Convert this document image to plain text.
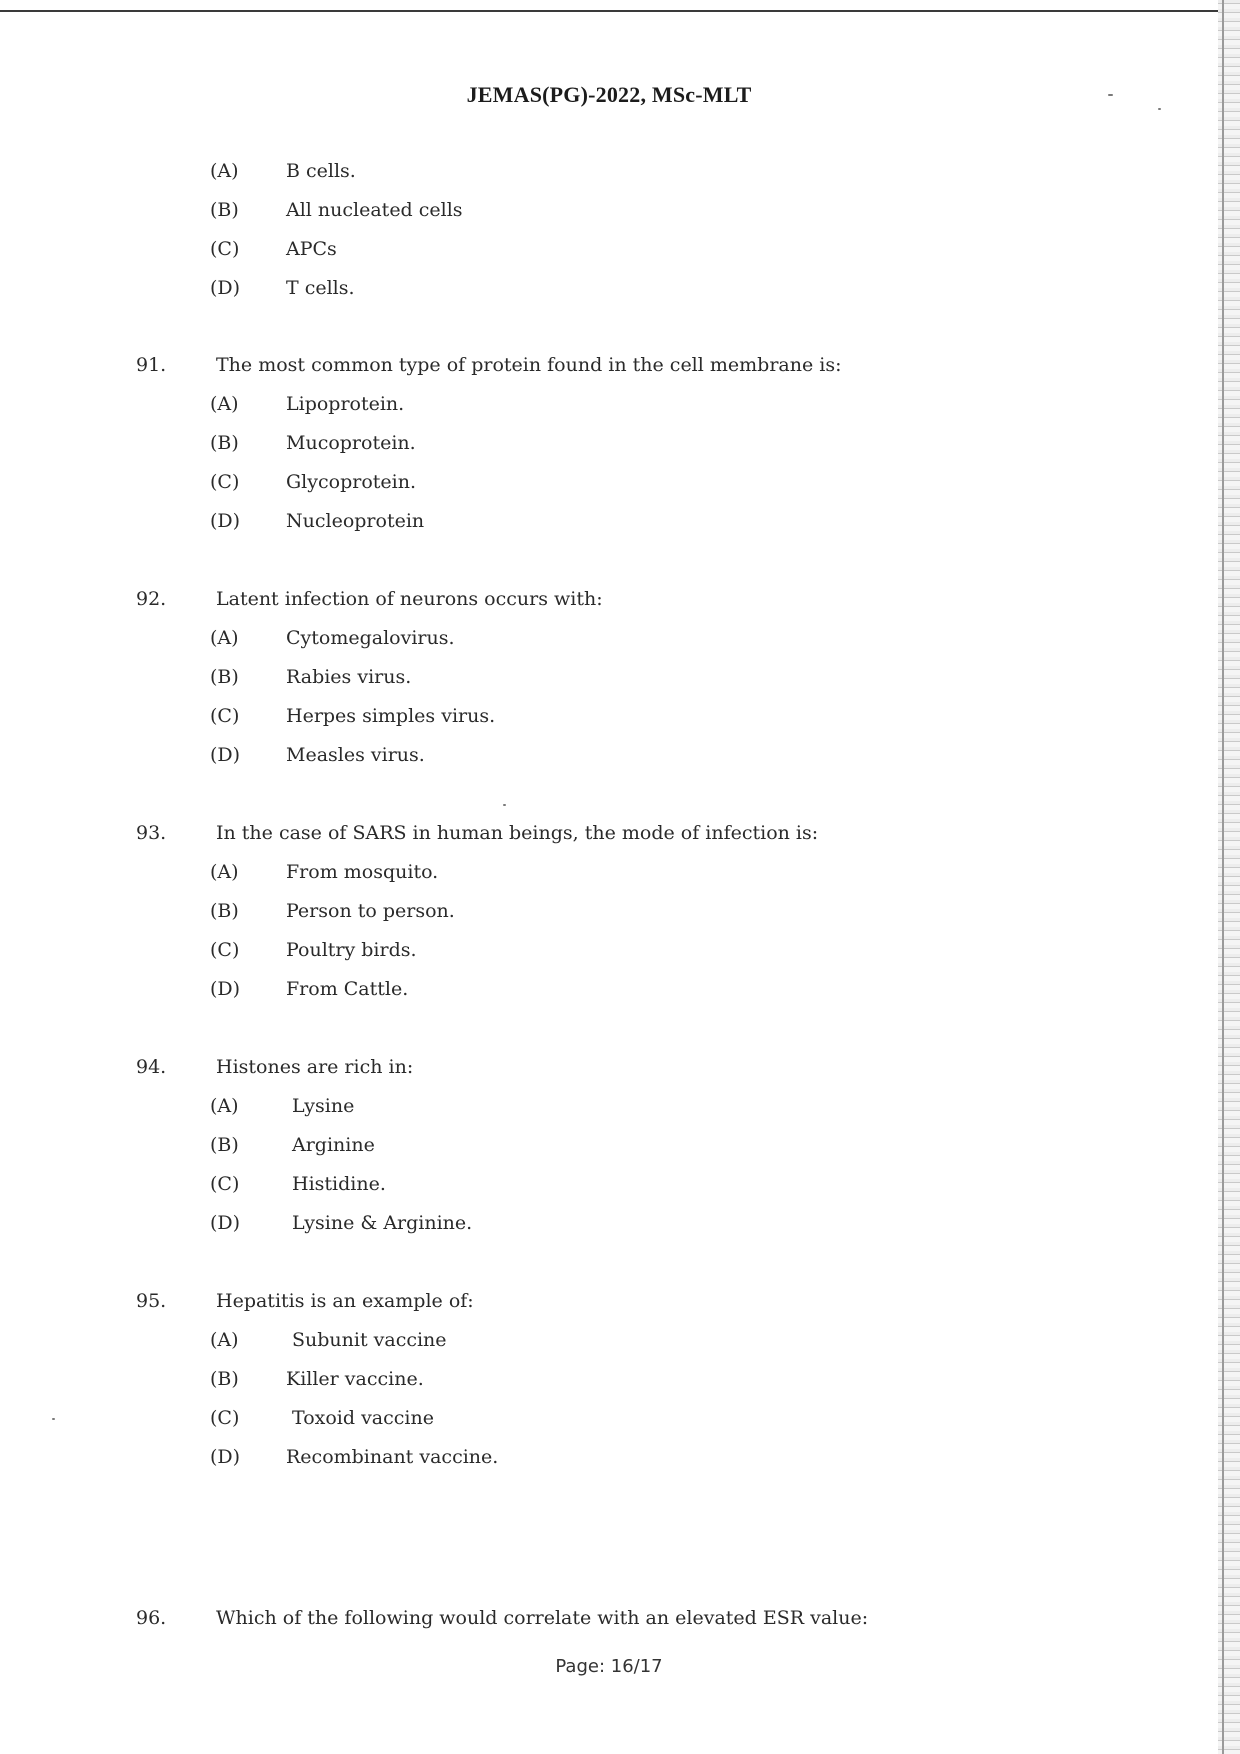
JEMAS(PG)-2022, MSc-MLT
(A) B cells.
(B) All nucleated cells
(C) APCs
(D) T cells.
91.	The most common type of protein found in the cell membrane is:
(A) Lipoprotein.
(B) Mucoprotein.
(C) Glycoprotein.
(D) Nucleoprotein
92.	Latent infection of neurons occurs with:
(A) Cytomegalovirus.
(B) Rabies virus.
(C) Herpes simples virus.
(D) Measles virus.
93.	In the case of SARS in human beings, the mode of infection is:
(A) From mosquito.
(B) Person to person.
(C) Poultry birds.
(D) From Cattle.
94.	Histones are rich in:
(A)	Lysine
(B)	Arginine
(C)	Histidine.
(D)	Lysine & Arginine.
95.	Hepatitis is an example of:
(A)	Subunit vaccine
(B) Killer vaccine.
(C)	Toxoid vaccine
(D) Recombinant vaccine.
96.	Which of the following would correlate with an elevated ESR value:
Page: 16/17
